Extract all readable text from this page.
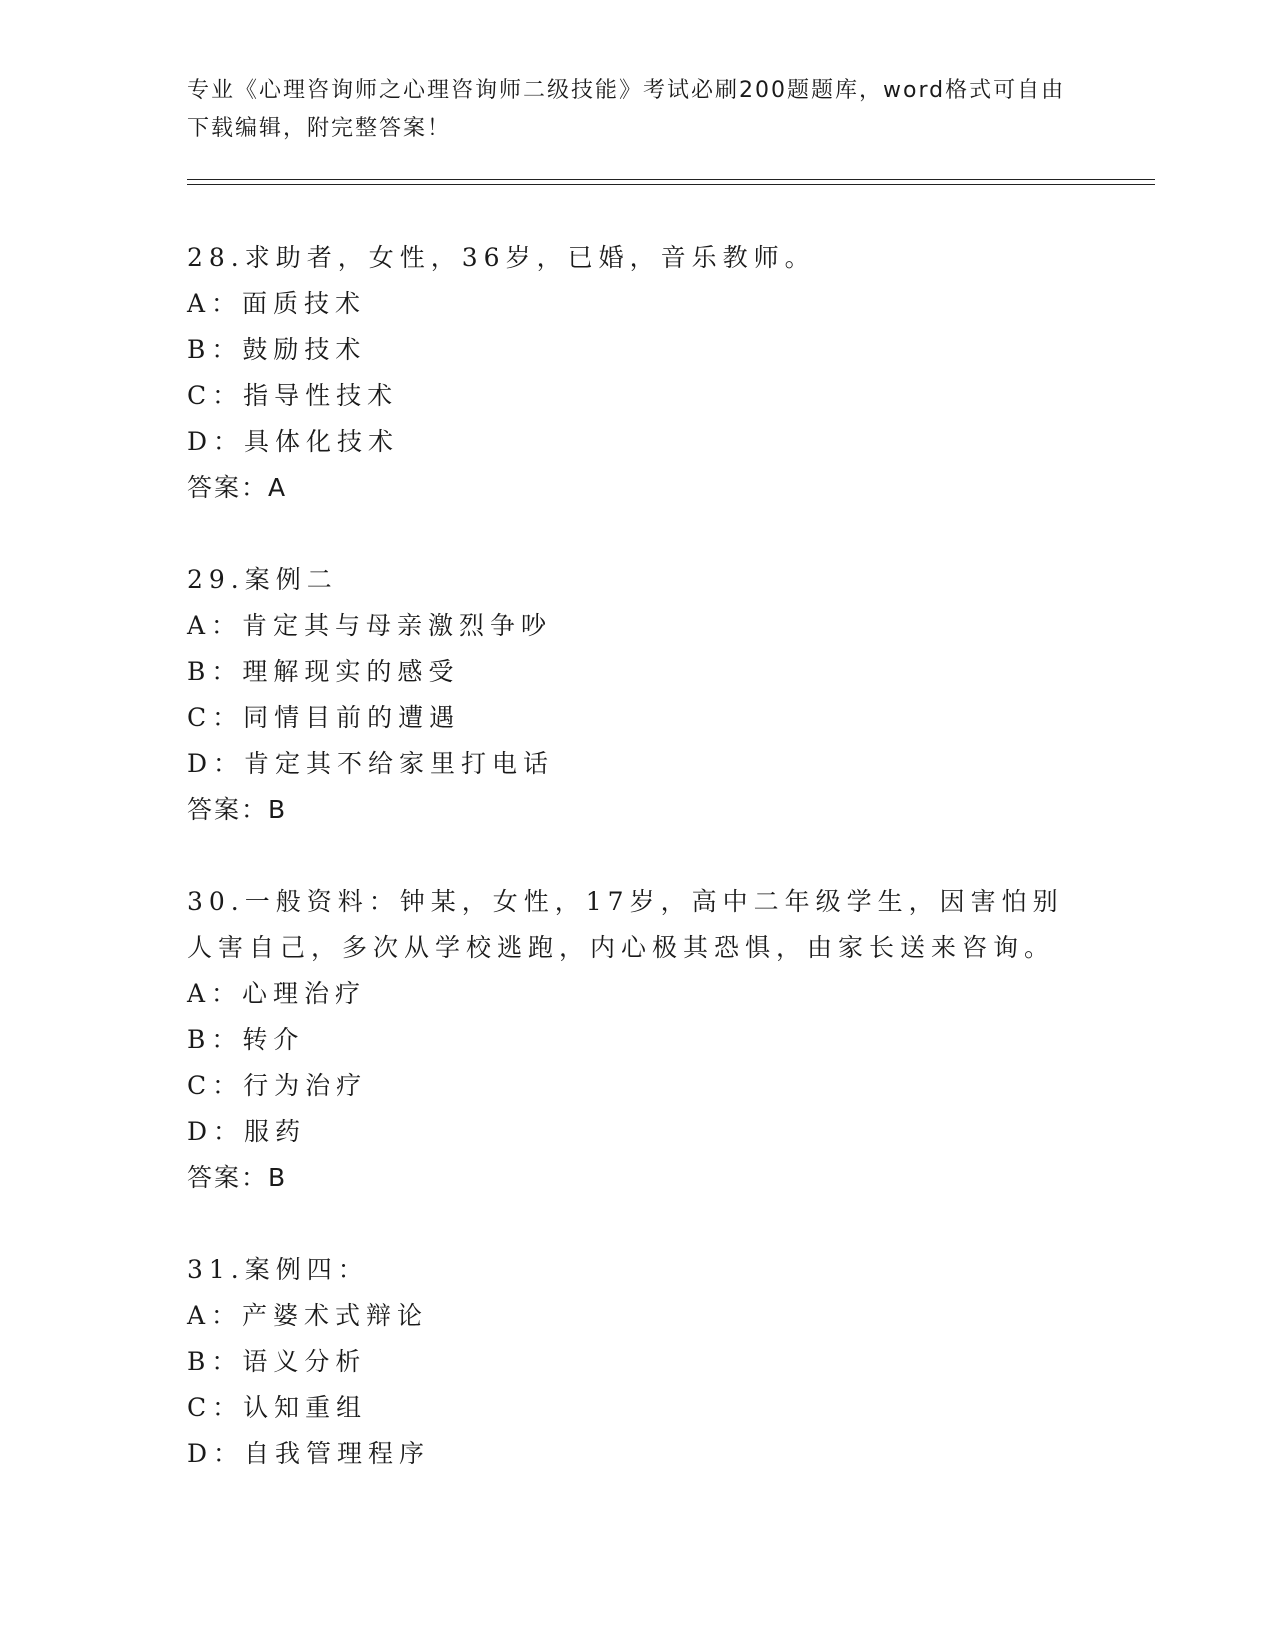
专业《心理咨询师之心理咨询师二级技能》考试必刷200题题库，word格式可自由下载编辑，附完整答案！
28.求助者，女性，36岁，已婚，音乐教师。
A：面质技术
B：鼓励技术
C：指导性技术
D：具体化技术
答案：A
29.案例二
A：肯定其与母亲激烈争吵
B：理解现实的感受
C：同情目前的遭遇
D：肯定其不给家里打电话
答案：B
30.一般资料：钟某，女性，17岁，高中二年级学生，因害怕别人害自己，多次从学校逃跑，内心极其恐惧，由家长送来咨询。
A：心理治疗
B：转介
C：行为治疗
D：服药
答案：B
31.案例四：
A：产婆术式辩论
B：语义分析
C：认知重组
D：自我管理程序
